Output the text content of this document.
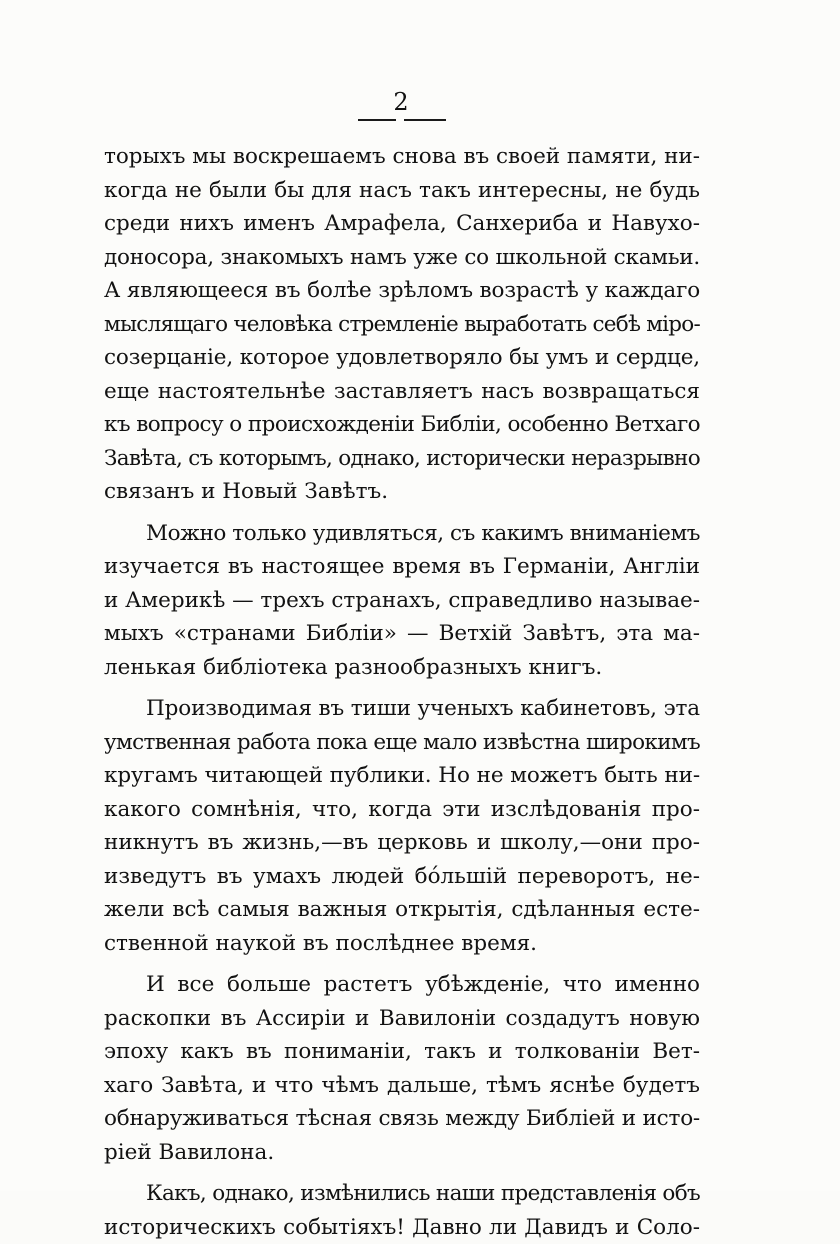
2
торыхъ мы воскрешаемъ снова въ своей памяти, ни-
когда не были бы для насъ такъ интересны, не будь
среди нихъ именъ Амрафела, Санхериба и Навухо-
доносора, знакомыхъ намъ уже со школьной скамьи.
А являющееся въ болѣе зрѣломъ возрастѣ у каждаго
мыслящаго человѣка стремленіе выработать себѣ міро-
созерцаніе, которое удовлетворяло бы умъ и сердце,
еще настоятельнѣе заставляетъ насъ возвращаться
къ вопросу о происхожденіи Библіи, особенно Ветхаго
Завѣта, съ которымъ, однако, исторически неразрывно
связанъ и Новый Завѣтъ.
Можно только удивляться, съ какимъ вниманіемъ
изучается въ настоящее время въ Германіи, Англіи
и Америкѣ — трехъ странахъ, справедливо называе-
мыхъ «странами Библіи» — Ветхій Завѣтъ, эта ма-
ленькая библіотека разнообразныхъ книгъ.
Производимая въ тиши ученыхъ кабинетовъ, эта
умственная работа пока еще мало извѣстна широкимъ
кругамъ читающей публики. Но не можетъ быть ни-
какого сомнѣнія, что, когда эти изслѣдованія про-
никнутъ въ жизнь,—въ церковь и школу,—они про-
изведутъ въ умахъ людей бо́льшій переворотъ, не-
жели всѣ самыя важныя открытія, сдѣланныя есте-
ственной наукой въ послѣднее время.
И все больше растетъ убѣжденіе, что именно
раскопки въ Ассиріи и Вавилоніи создадутъ новую
эпоху какъ въ пониманіи, такъ и толкованіи Вет-
хаго Завѣта, и что чѣмъ дальше, тѣмъ яснѣе будетъ
обнаруживаться тѣсная связь между Библіей и исто-
ріей Вавилона.
Какъ, однако, измѣнились наши представленія объ
историческихъ событіяхъ! Давно ли Давидъ и Соло-
